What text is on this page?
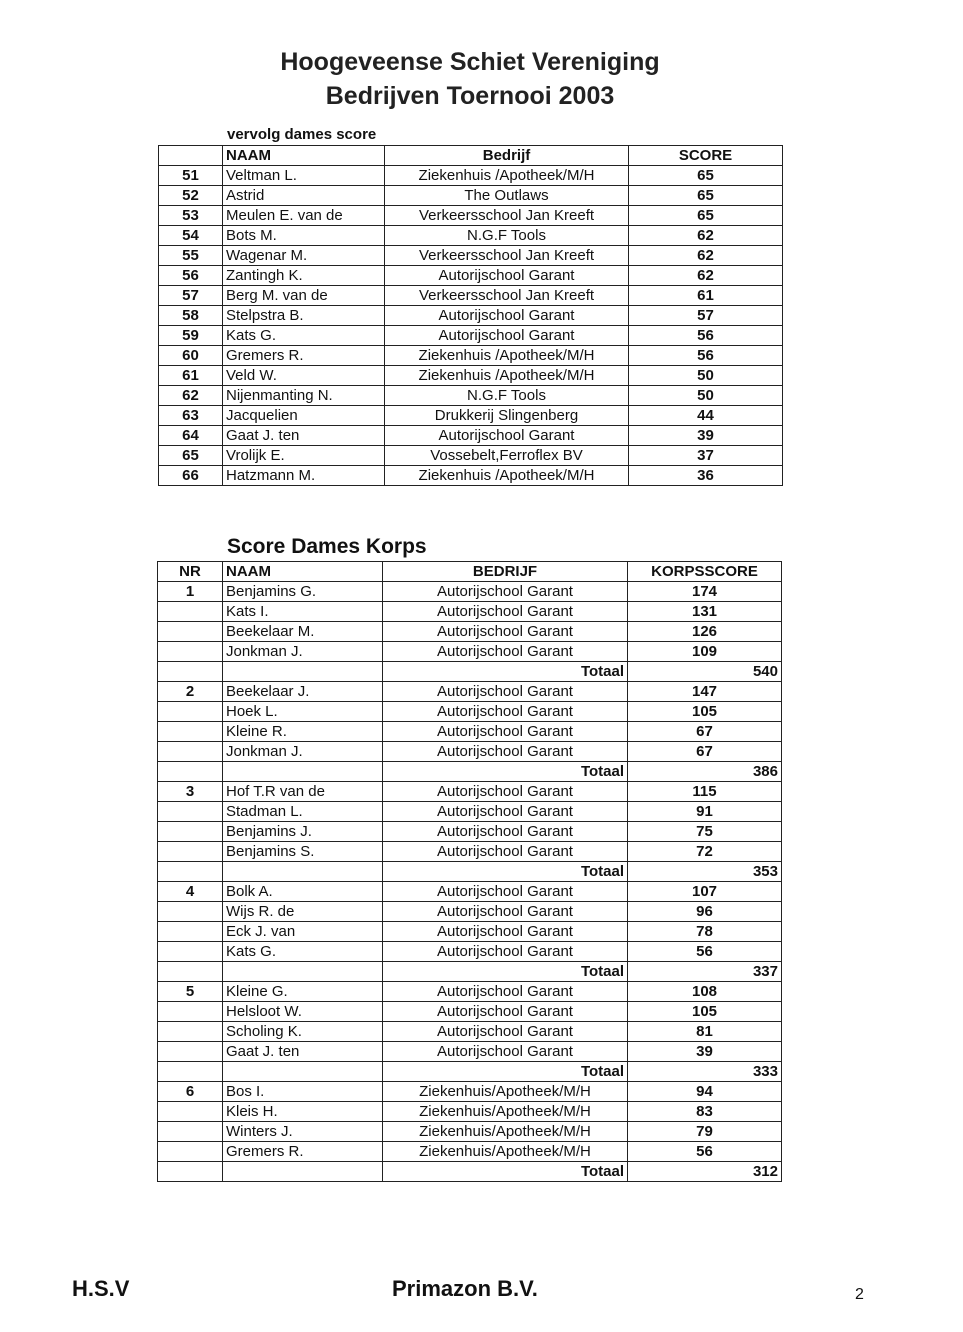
Hoogeveense Schiet Vereniging
Bedrijven Toernooi 2003
vervolg dames score
	NAAM	Bedrijf	SCORE
51	Veltman L.	Ziekenhuis /Apotheek/M/H	65
52	Astrid	The Outlaws	65
53	Meulen E. van de	Verkeersschool Jan Kreeft	65
54	Bots M.	N.G.F Tools	62
55	Wagenar M.	Verkeersschool Jan Kreeft	62
56	Zantingh K.	Autorijschool Garant	62
57	Berg M. van de	Verkeersschool Jan Kreeft	61
58	Stelpstra B.	Autorijschool Garant	57
59	Kats G.	Autorijschool Garant	56
60	Gremers R.	Ziekenhuis /Apotheek/M/H	56
61	Veld W.	Ziekenhuis /Apotheek/M/H	50
62	Nijenmanting N.	N.G.F Tools	50
63	Jacquelien	Drukkerij Slingenberg	44
64	Gaat J. ten	Autorijschool Garant	39
65	Vrolijk E.	Vossebelt,Ferroflex BV	37
66	Hatzmann M.	Ziekenhuis /Apotheek/M/H	36
Score Dames Korps
NR	NAAM	BEDRIJF	KORPSSCORE
1	Benjamins G.	Autorijschool Garant	174
	Kats I.	Autorijschool Garant	131
	Beekelaar M.	Autorijschool Garant	126
	Jonkman J.	Autorijschool Garant	109
		Totaal	540
2	Beekelaar J.	Autorijschool Garant	147
	Hoek L.	Autorijschool Garant	105
	Kleine R.	Autorijschool Garant	67
	Jonkman J.	Autorijschool Garant	67
		Totaal	386
3	Hof T.R van de	Autorijschool Garant	115
	Stadman L.	Autorijschool Garant	91
	Benjamins J.	Autorijschool Garant	75
	Benjamins S.	Autorijschool Garant	72
		Totaal	353
4	Bolk A.	Autorijschool Garant	107
	Wijs R. de	Autorijschool Garant	96
	Eck J. van	Autorijschool Garant	78
	Kats G.	Autorijschool Garant	56
		Totaal	337
5	Kleine G.	Autorijschool Garant	108
	Helsloot W.	Autorijschool Garant	105
	Scholing K.	Autorijschool Garant	81
	Gaat J. ten	Autorijschool Garant	39
		Totaal	333
6	Bos I.	Ziekenhuis/Apotheek/M/H	94
	Kleis H.	Ziekenhuis/Apotheek/M/H	83
	Winters J.	Ziekenhuis/Apotheek/M/H	79
	Gremers R.	Ziekenhuis/Apotheek/M/H	56
		Totaal	312
H.S.V	Primazon B.V.	2
